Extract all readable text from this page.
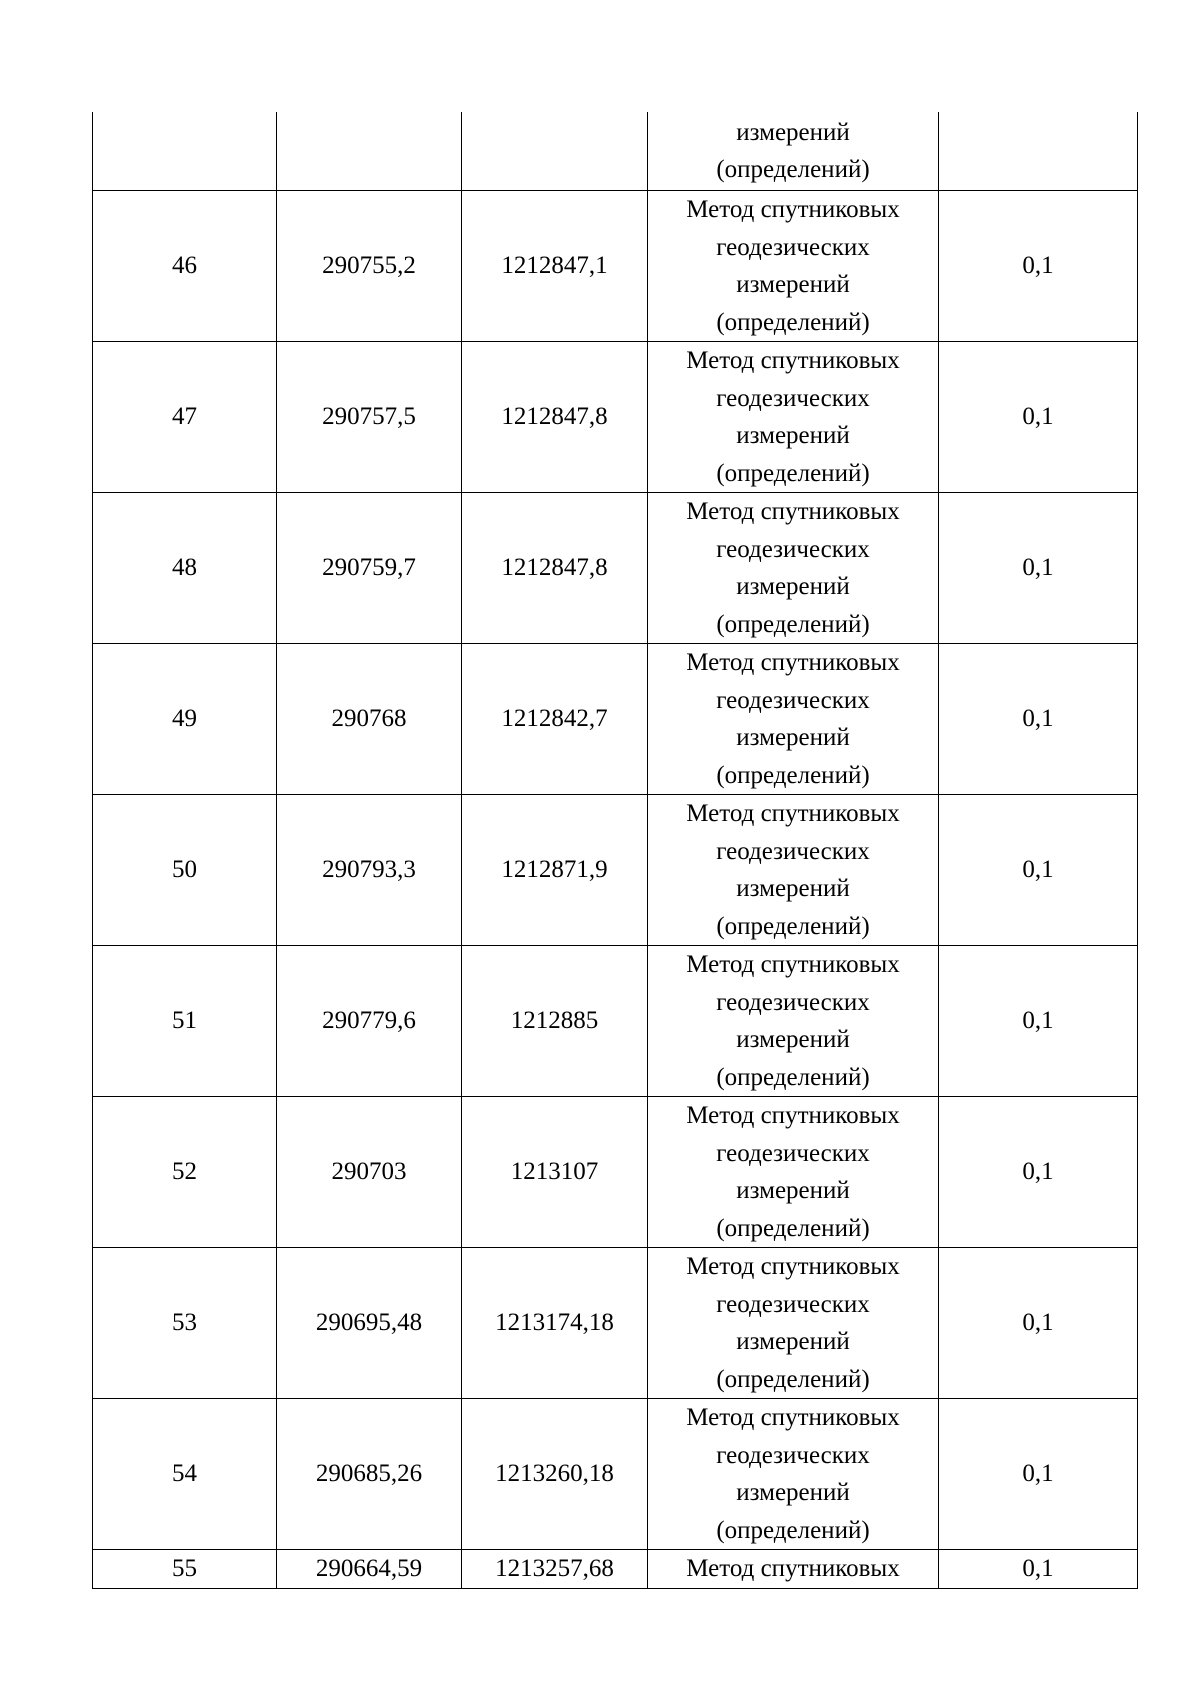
			измерений
(определений)	

46	290755,2	1212847,1	Метод спутниковых
геодезических
измерений
(определений)	0,1
47	290757,5	1212847,8	Метод спутниковых
геодезических
измерений
(определений)	0,1
48	290759,7	1212847,8	Метод спутниковых
геодезических
измерений
(определений)	0,1
49	290768	1212842,7	Метод спутниковых
геодезических
измерений
(определений)	0,1
50	290793,3	1212871,9	Метод спутниковых
геодезических
измерений
(определений)	0,1
51	290779,6	1212885	Метод спутниковых
геодезических
измерений
(определений)	0,1
52	290703	1213107	Метод спутниковых
геодезических
измерений
(определений)	0,1
53	290695,48	1213174,18	Метод спутниковых
геодезических
измерений
(определений)	0,1
54	290685,26	1213260,18	Метод спутниковых
геодезических
измерений
(определений)	0,1
55	290664,59	1213257,68	Метод спутниковых	0,1
